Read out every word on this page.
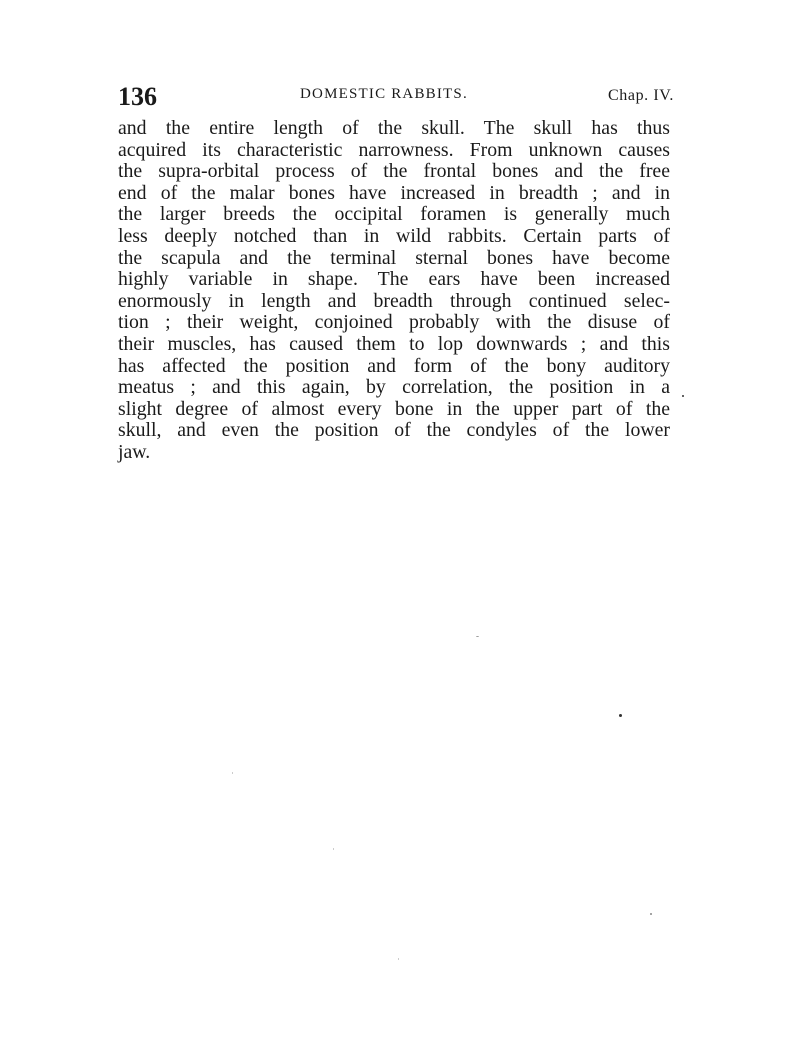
136	DOMESTIC RABBITS.	Chap. IV.

and the entire length of the skull. The skull has thus
acquired its characteristic narrowness. From unknown causes
the supra-orbital process of the frontal bones and the free
end of the malar bones have increased in breadth ; and in
the larger breeds the occipital foramen is generally much
less deeply notched than in wild rabbits. Certain parts of
the scapula and the terminal sternal bones have become
highly variable in shape. The ears have been increased
enormously in length and breadth through continued selec-
tion ; their weight, conjoined probably with the disuse of
their muscles, has caused them to lop downwards ; and this
has affected the position and form of the bony auditory
meatus ; and this again, by correlation, the position in a
slight degree of almost every bone in the upper part of the
skull, and even the position of the condyles of the lower
jaw.
